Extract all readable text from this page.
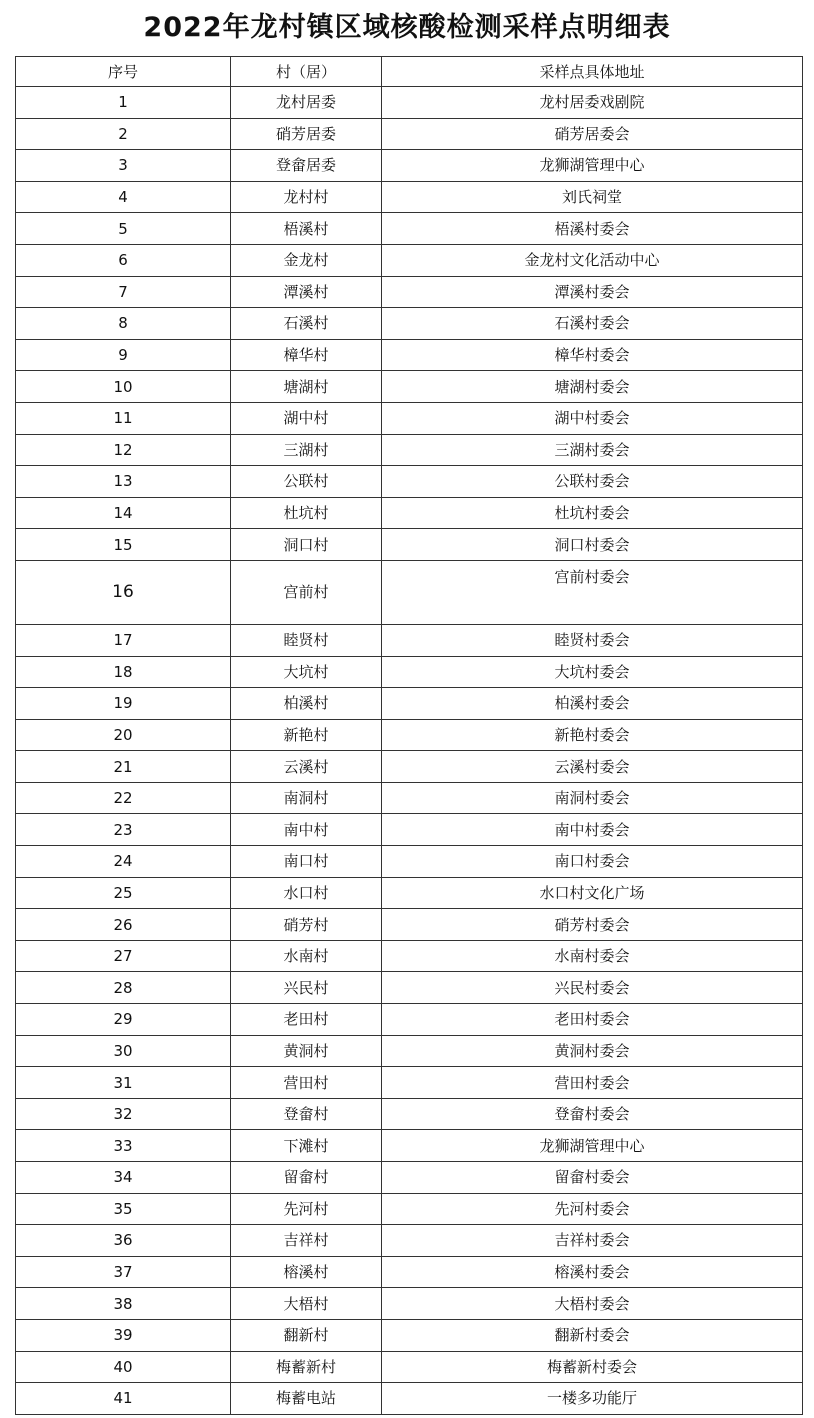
2022年龙村镇区域核酸检测采样点明细表
序号	村（居）	采样点具体地址
1	龙村居委	龙村居委戏剧院
2	硝芳居委	硝芳居委会
3	登畲居委	龙狮湖管理中心
4	龙村村	刘氏祠堂
5	梧溪村	梧溪村委会
6	金龙村	金龙村文化活动中心
7	潭溪村	潭溪村委会
8	石溪村	石溪村委会
9	樟华村	樟华村委会
10	塘湖村	塘湖村委会
11	湖中村	湖中村委会
12	三湖村	三湖村委会
13	公联村	公联村委会
14	杜坑村	杜坑村委会
15	洞口村	洞口村委会
16	宫前村	宫前村委会
17	睦贤村	睦贤村委会
18	大坑村	大坑村委会
19	柏溪村	柏溪村委会
20	新艳村	新艳村委会
21	云溪村	云溪村委会
22	南洞村	南洞村委会
23	南中村	南中村委会
24	南口村	南口村委会
25	水口村	水口村文化广场
26	硝芳村	硝芳村委会
27	水南村	水南村委会
28	兴民村	兴民村委会
29	老田村	老田村委会
30	黄洞村	黄洞村委会
31	营田村	营田村委会
32	登畲村	登畲村委会
33	下滩村	龙狮湖管理中心
34	留畲村	留畲村委会
35	先河村	先河村委会
36	吉祥村	吉祥村委会
37	榕溪村	榕溪村委会
38	大梧村	大梧村委会
39	翻新村	翻新村委会
40	梅蓄新村	梅蓄新村委会
41	梅蓄电站	一楼多功能厅
